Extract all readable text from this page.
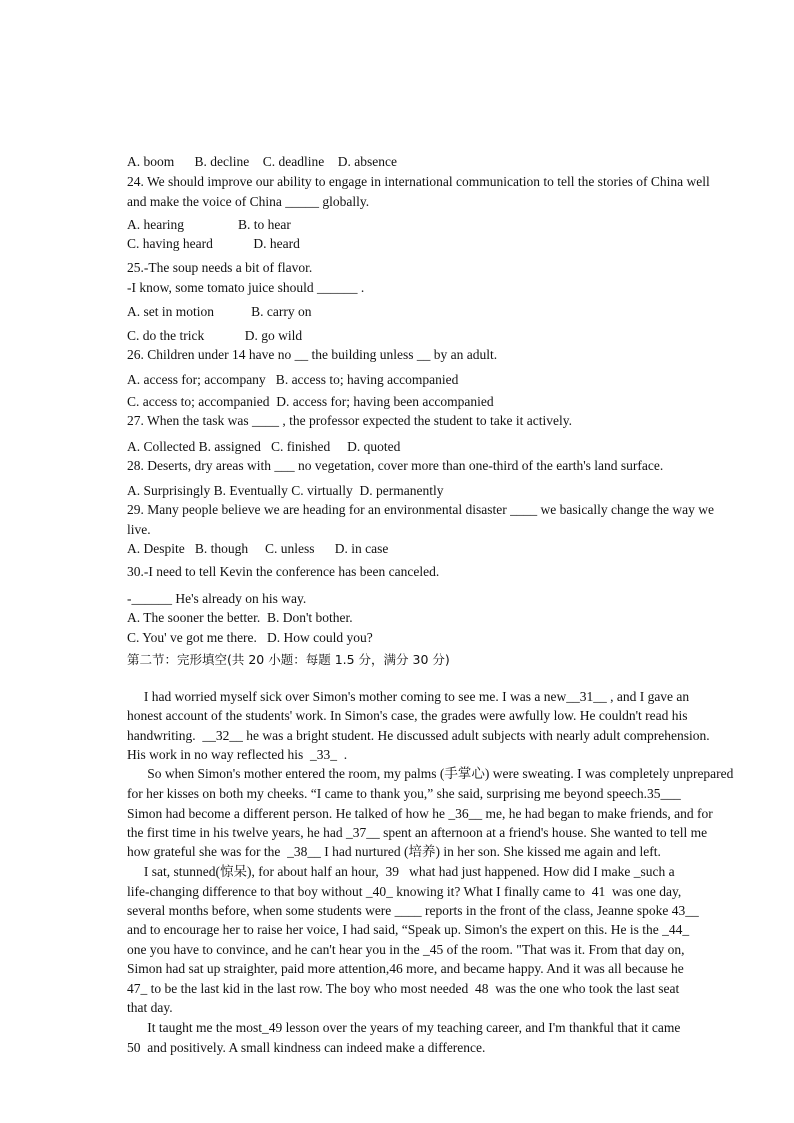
A. boom      B. decline    C. deadline    D. absence
24. We should improve our ability to engage in international communication to tell the stories of China well
and make the voice of China _____ globally.
A. hearing                B. to hear
C. having heard            D. heard
25.-The soup needs a bit of flavor.
-I know, some tomato juice should ______ .
A. set in motion           B. carry on
C. do the trick            D. go wild
26. Children under 14 have no __ the building unless __ by an adult.
A. access for; accompany   B. access to; having accompanied
C. access to; accompanied  D. access for; having been accompanied
27. When the task was ____ , the professor expected the student to take it actively.
A. Collected B. assigned   C. finished     D. quoted
28. Deserts, dry areas with ___ no vegetation, cover more than one-third of the earth's land surface.
A. Surprisingly B. Eventually C. virtually  D. permanently
29. Many people believe we are heading for an environmental disaster ____ we basically change the way we
live.
A. Despite   B. though     C. unless      D. in case
30.-I need to tell Kevin the conference has been canceled.
-______ He's already on his way.
A. The sooner the better.  B. Don't bother.
C. You' ve got me there.   D. How could you?
第二节：完形填空(共 20 小题：每题 1.5 分，满分 30 分)
I had worried myself sick over Simon's mother coming to see me. I was a new__31__ , and I gave an
honest account of the students' work. In Simon's case, the grades were awfully low. He couldn't read his
handwriting.  __32__ he was a bright student. He discussed adult subjects with nearly adult comprehension.
His work in no way reflected his  _33_  .
So when Simon's mother entered the room, my palms (手掌心) were sweating. I was completely unprepared
for her kisses on both my cheeks. “I came to thank you,” she said, surprising me beyond speech.35___
Simon had become a different person. He talked of how he _36__ me, he had began to make friends, and for
the first time in his twelve years, he had _37__ spent an afternoon at a friend's house. She wanted to tell me
how grateful she was for the  _38__ I had nurtured (培养) in her son. She kissed me again and left.
I sat, stunned(惊呆), for about half an hour,  39   what had just happened. How did I make _such a
life-changing difference to that boy without _40_ knowing it? What I finally came to  41  was one day,
several months before, when some students were ____ reports in the front of the class, Jeanne spoke 43__
and to encourage her to raise her voice, I had said, “Speak up. Simon's the expert on this. He is the _44_
one you have to convince, and he can't hear you in the _45 of the room. "That was it. From that day on,
Simon had sat up straighter, paid more attention,46 more, and became happy. And it was all because he
47_ to be the last kid in the last row. The boy who most needed  48  was the one who took the last seat
that day.
It taught me the most_49 lesson over the years of my teaching career, and I'm thankful that it came
50  and positively. A small kindness can indeed make a difference.
